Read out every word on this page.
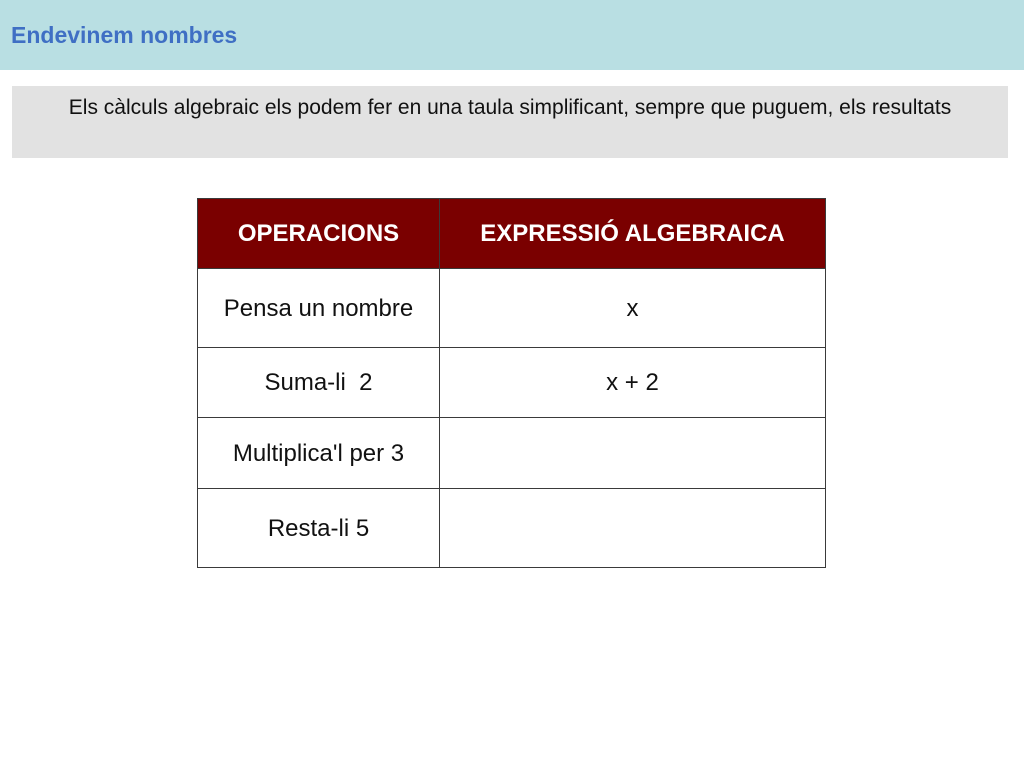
Endevinem nombres
Els càlculs algebraic els podem fer en una taula simplificant, sempre que puguem, els resultats
OPERACIONS	EXPRESSIÓ ALGEBRAICA
Pensa un nombre	x
Suma-li  2	x + 2
Multiplica'l per 3	
Resta-li 5	
